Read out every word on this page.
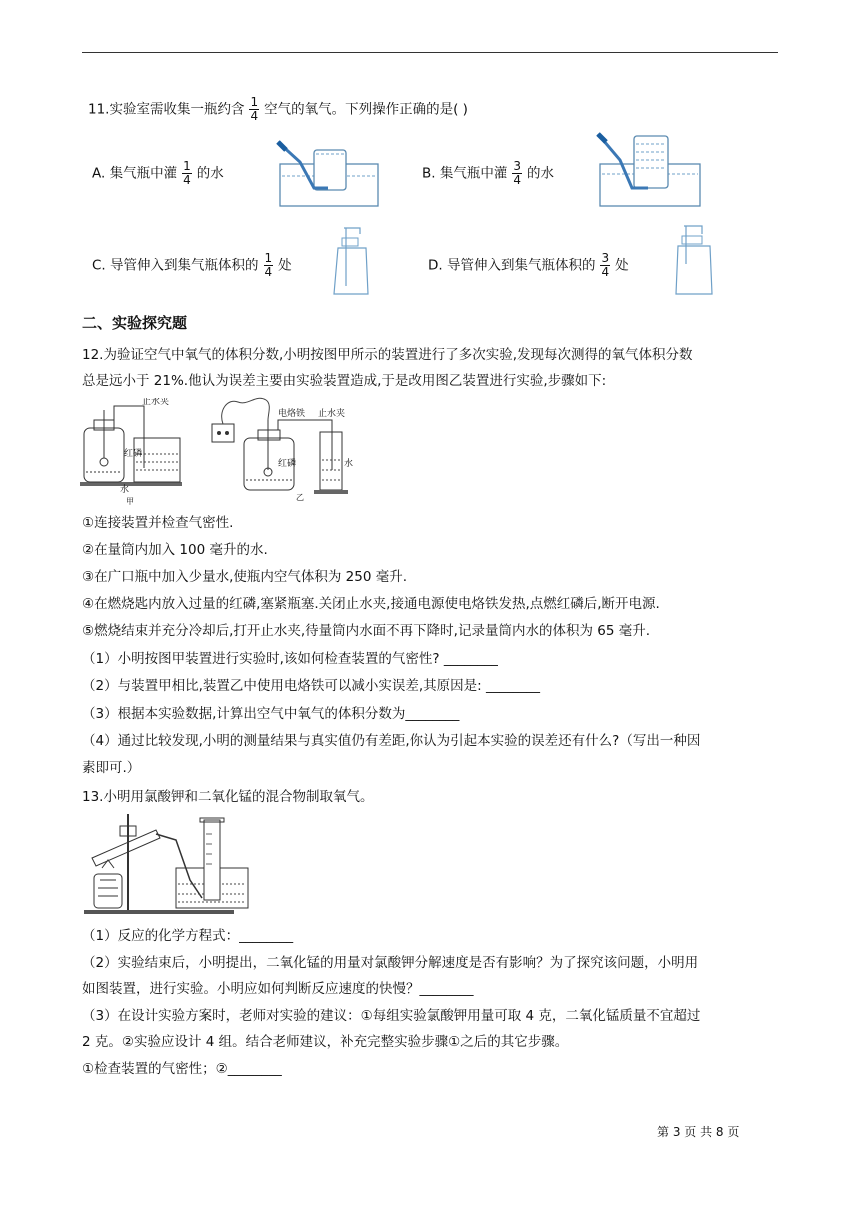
11.实验室需收集一瓶约含 $\frac{1}{4}$ 空气的氧气。下列操作正确的是( )
A. 集气瓶中灌 $\frac{1}{4}$ 的水	B. 集气瓶中灌 $\frac{3}{4}$ 的水
C. 导管伸入到集气瓶体积的 $\frac{1}{4}$ 处	D. 导管伸入到集气瓶体积的 $\frac{3}{4}$ 处
二、实验探究题
12.为验证空气中氧气的体积分数,小明按图甲所示的装置进行了多次实验,发现每次测得的氧气体积分数
总是远小于 21%.他认为误差主要由实验装置造成,于是改用图乙装置进行实验,步骤如下:
止水夹
红磷
水
甲
电烙铁 止水夹
红磷	水
乙
①连接装置并检查气密性.
②在量筒内加入 100 毫升的水.
③在广口瓶中加入少量水,使瓶内空气体积为 250 毫升.
④在燃烧匙内放入过量的红磷,塞紧瓶塞.关闭止水夹,接通电源使电烙铁发热,点燃红磷后,断开电源.
⑤燃烧结束并充分冷却后,打开止水夹,待量筒内水面不再下降时,记录量筒内水的体积为 65 毫升.
（1）小明按图甲装置进行实验时,该如何检查装置的气密性? ________
（2）与装置甲相比,装置乙中使用电烙铁可以减小实误差,其原因是: ________
（3）根据本实验数据,计算出空气中氧气的体积分数为________
（4）通过比较发现,小明的测量结果与真实值仍有差距,你认为引起本实验的误差还有什么?（写出一种因
素即可.）
13.小明用氯酸钾和二氧化锰的混合物制取氧气。
（1）反应的化学方程式：________
（2）实验结束后，小明提出，二氧化锰的用量对氯酸钾分解速度是否有影响？为了探究该问题，小明用
如图装置，进行实验。小明应如何判断反应速度的快慢？________
（3）在设计实验方案时，老师对实验的建议：①每组实验氯酸钾用量可取 4 克，二氧化锰质量不宜超过
2 克。②实验应设计 4 组。结合老师建议，补充完整实验步骤①之后的其它步骤。
①检查装置的气密性；②________
第 3 页 共 8 页
